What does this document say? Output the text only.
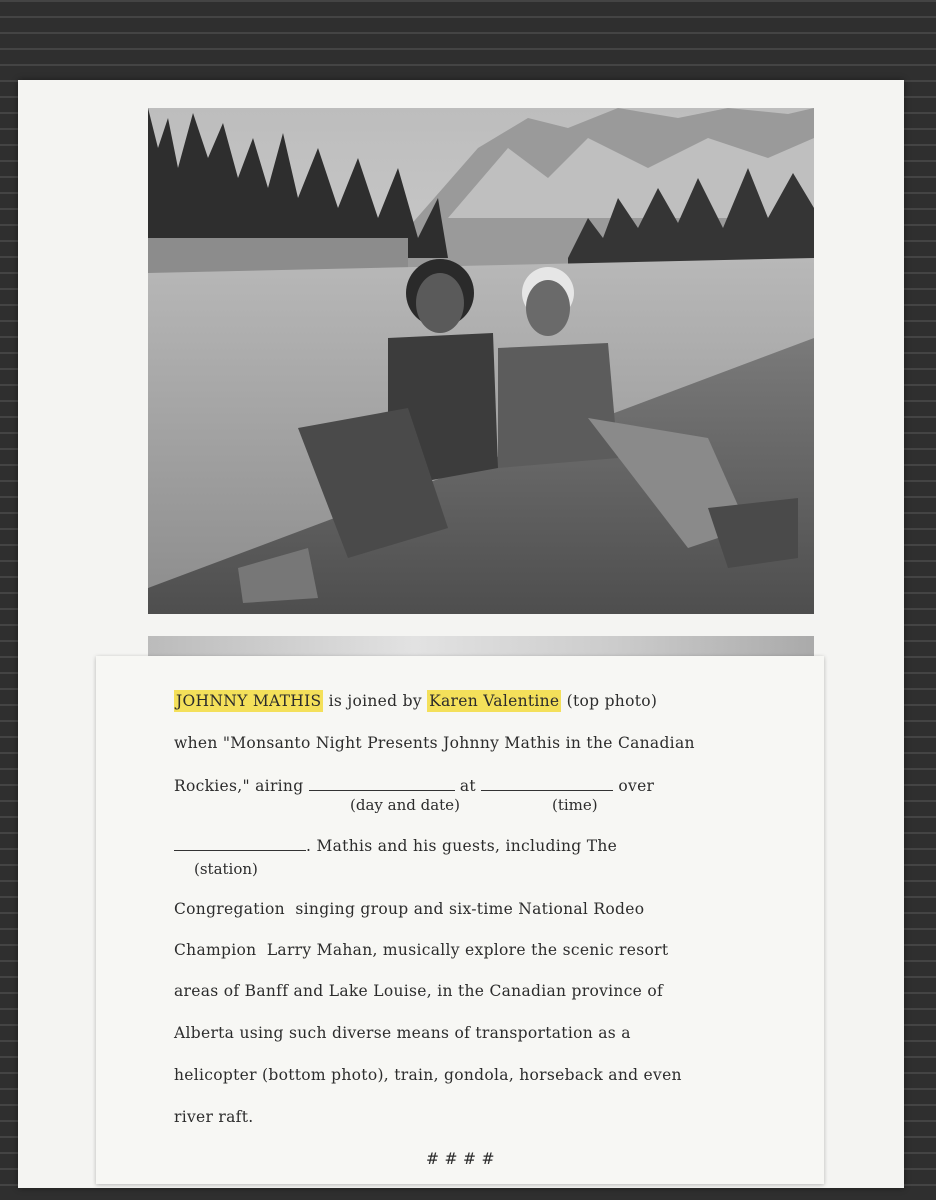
JOHNNY MATHIS is joined by Karen Valentine (top photo)

when "Monsanto Night Presents Johnny Mathis in the Canadian

Rockies," airing	at	over

(day and date)	(time)

. Mathis and his guests, including The

(station)

Congregation  singing group and six-time National Rodeo

Champion  Larry Mahan, musically explore the scenic resort

areas of Banff and Lake Louise, in the Canadian province of

Alberta using such diverse means of transportation as a

helicopter (bottom photo), train, gondola, horseback and even

river raft.

# # # #
